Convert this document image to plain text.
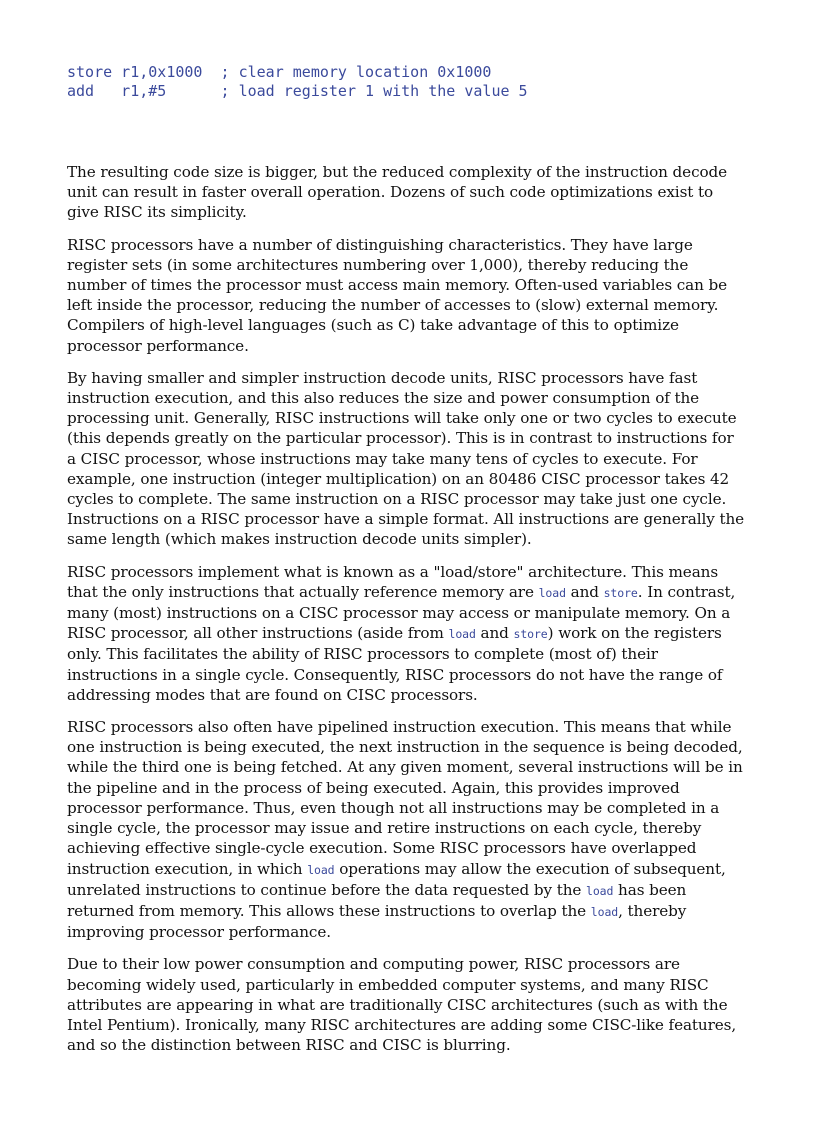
store r1,0x1000  ; clear memory location 0x1000
add   r1,#5      ; load register 1 with the value 5

The resulting code size is bigger, but the reduced complexity of the instruction decode unit can result in faster overall operation. Dozens of such code optimizations exist to give RISC its simplicity.

RISC processors have a number of distinguishing characteristics. They have large register sets (in some architectures numbering over 1,000), thereby reducing the number of times the processor must access main memory. Often-used variables can be left inside the processor, reducing the number of accesses to (slow) external memory. Compilers of high-level languages (such as C) take advantage of this to optimize processor performance.

By having smaller and simpler instruction decode units, RISC processors have fast instruction execution, and this also reduces the size and power consumption of the processing unit. Generally, RISC instructions will take only one or two cycles to execute (this depends greatly on the particular processor). This is in contrast to instructions for a CISC processor, whose instructions may take many tens of cycles to execute. For example, one instruction (integer multiplication) on an 80486 CISC processor takes 42 cycles to complete. The same instruction on a RISC processor may take just one cycle. Instructions on a RISC processor have a simple format. All instructions are generally the same length (which makes instruction decode units simpler).

RISC processors implement what is known as a "load/store" architecture. This means that the only instructions that actually reference memory are load and store. In contrast, many (most) instructions on a CISC processor may access or manipulate memory. On a RISC processor, all other instructions (aside from load and store) work on the registers only. This facilitates the ability of RISC processors to complete (most of) their instructions in a single cycle. Consequently, RISC processors do not have the range of addressing modes that are found on CISC processors.

RISC processors also often have pipelined instruction execution. This means that while one instruction is being executed, the next instruction in the sequence is being decoded, while the third one is being fetched. At any given moment, several instructions will be in the pipeline and in the process of being executed. Again, this provides improved processor performance. Thus, even though not all instructions may be completed in a single cycle, the processor may issue and retire instructions on each cycle, thereby achieving effective single-cycle execution. Some RISC processors have overlapped instruction execution, in which load operations may allow the execution of subsequent, unrelated instructions to continue before the data requested by the load has been returned from memory. This allows these instructions to overlap the load, thereby improving processor performance.

Due to their low power consumption and computing power, RISC processors are becoming widely used, particularly in embedded computer systems, and many RISC attributes are appearing in what are traditionally CISC architectures (such as with the Intel Pentium). Ironically, many RISC architectures are adding some CISC-like features, and so the distinction between RISC and CISC is blurring.
